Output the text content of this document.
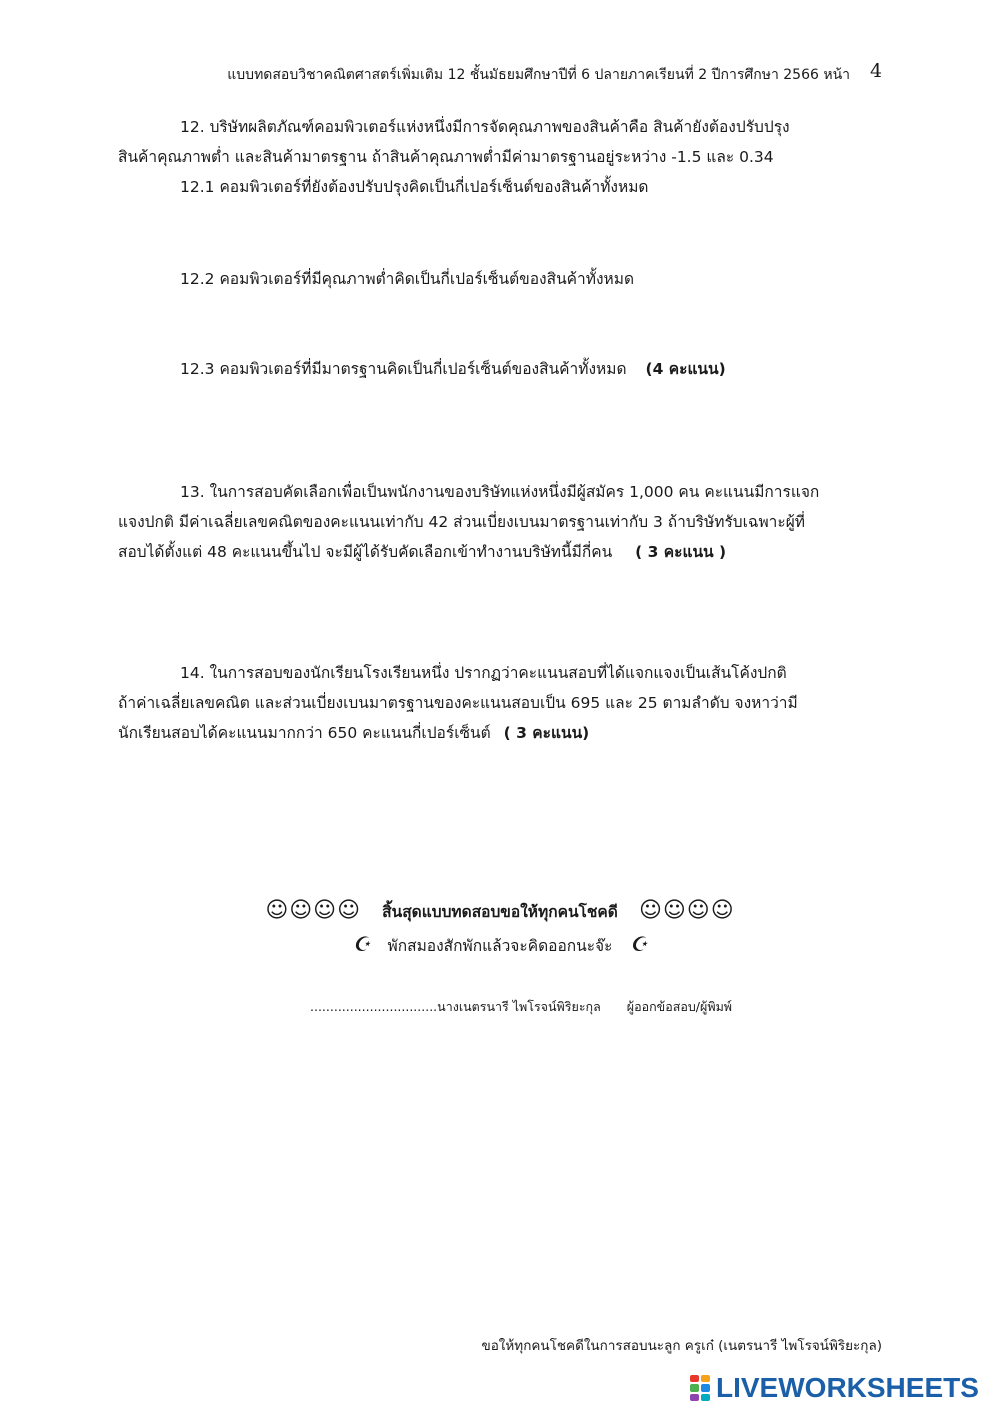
แบบทดสอบวิชาคณิตศาสตร์เพิ่มเติม 12 ชั้นมัธยมศึกษาปีที่ 6 ปลายภาคเรียนที่ 2 ปีการศึกษา 2566 หน้า 4
12. บริษัทผลิตภัณฑ์คอมพิวเตอร์แห่งหนึ่งมีการจัดคุณภาพของสินค้าคือ สินค้ายังต้องปรับปรุง
สินค้าคุณภาพต่ำ และสินค้ามาตรฐาน ถ้าสินค้าคุณภาพต่ำมีค่ามาตรฐานอยู่ระหว่าง -1.5 และ 0.34
12.1 คอมพิวเตอร์ที่ยังต้องปรับปรุงคิดเป็นกี่เปอร์เซ็นต์ของสินค้าทั้งหมด
12.2 คอมพิวเตอร์ที่มีคุณภาพต่ำคิดเป็นกี่เปอร์เซ็นต์ของสินค้าทั้งหมด
12.3 คอมพิวเตอร์ที่มีมาตรฐานคิดเป็นกี่เปอร์เซ็นต์ของสินค้าทั้งหมด (4 คะแนน)
13. ในการสอบคัดเลือกเพื่อเป็นพนักงานของบริษัทแห่งหนึ่งมีผู้สมัคร 1,000 คน คะแนนมีการแจก
แจงปกติ มีค่าเฉลี่ยเลขคณิตของคะแนนเท่ากับ 42 ส่วนเบี่ยงเบนมาตรฐานเท่ากับ 3 ถ้าบริษัทรับเฉพาะผู้ที่
สอบได้ตั้งแต่ 48 คะแนนขึ้นไป จะมีผู้ได้รับคัดเลือกเข้าทำงานบริษัทนี้มีกี่คน ( 3 คะแนน )
14. ในการสอบของนักเรียนโรงเรียนหนึ่ง ปรากฏว่าคะแนนสอบที่ได้แจกแจงเป็นเส้นโค้งปกติ
ถ้าค่าเฉลี่ยเลขคณิต และส่วนเบี่ยงเบนมาตรฐานของคะแนนสอบเป็น 695 และ 25 ตามลำดับ จงหาว่ามี
นักเรียนสอบได้คะแนนมากกว่า 650 คะแนนกี่เปอร์เซ็นต์ ( 3 คะแนน)
☺☺☺☺ สิ้นสุดแบบทดสอบขอให้ทุกคนโชคดี ☺☺☺☺
☪ พักสมองสักพักแล้วจะคิดออกนะจ๊ะ ☪
................................นางเนตรนารี ไพโรจน์พิริยะกุล ผู้ออกข้อสอบ/ผู้พิมพ์
ขอให้ทุกคนโชคดีในการสอบนะลูก ครูเก๋ (เนตรนารี ไพโรจน์พิริยะกุล)
LIVEWORKSHEETS
